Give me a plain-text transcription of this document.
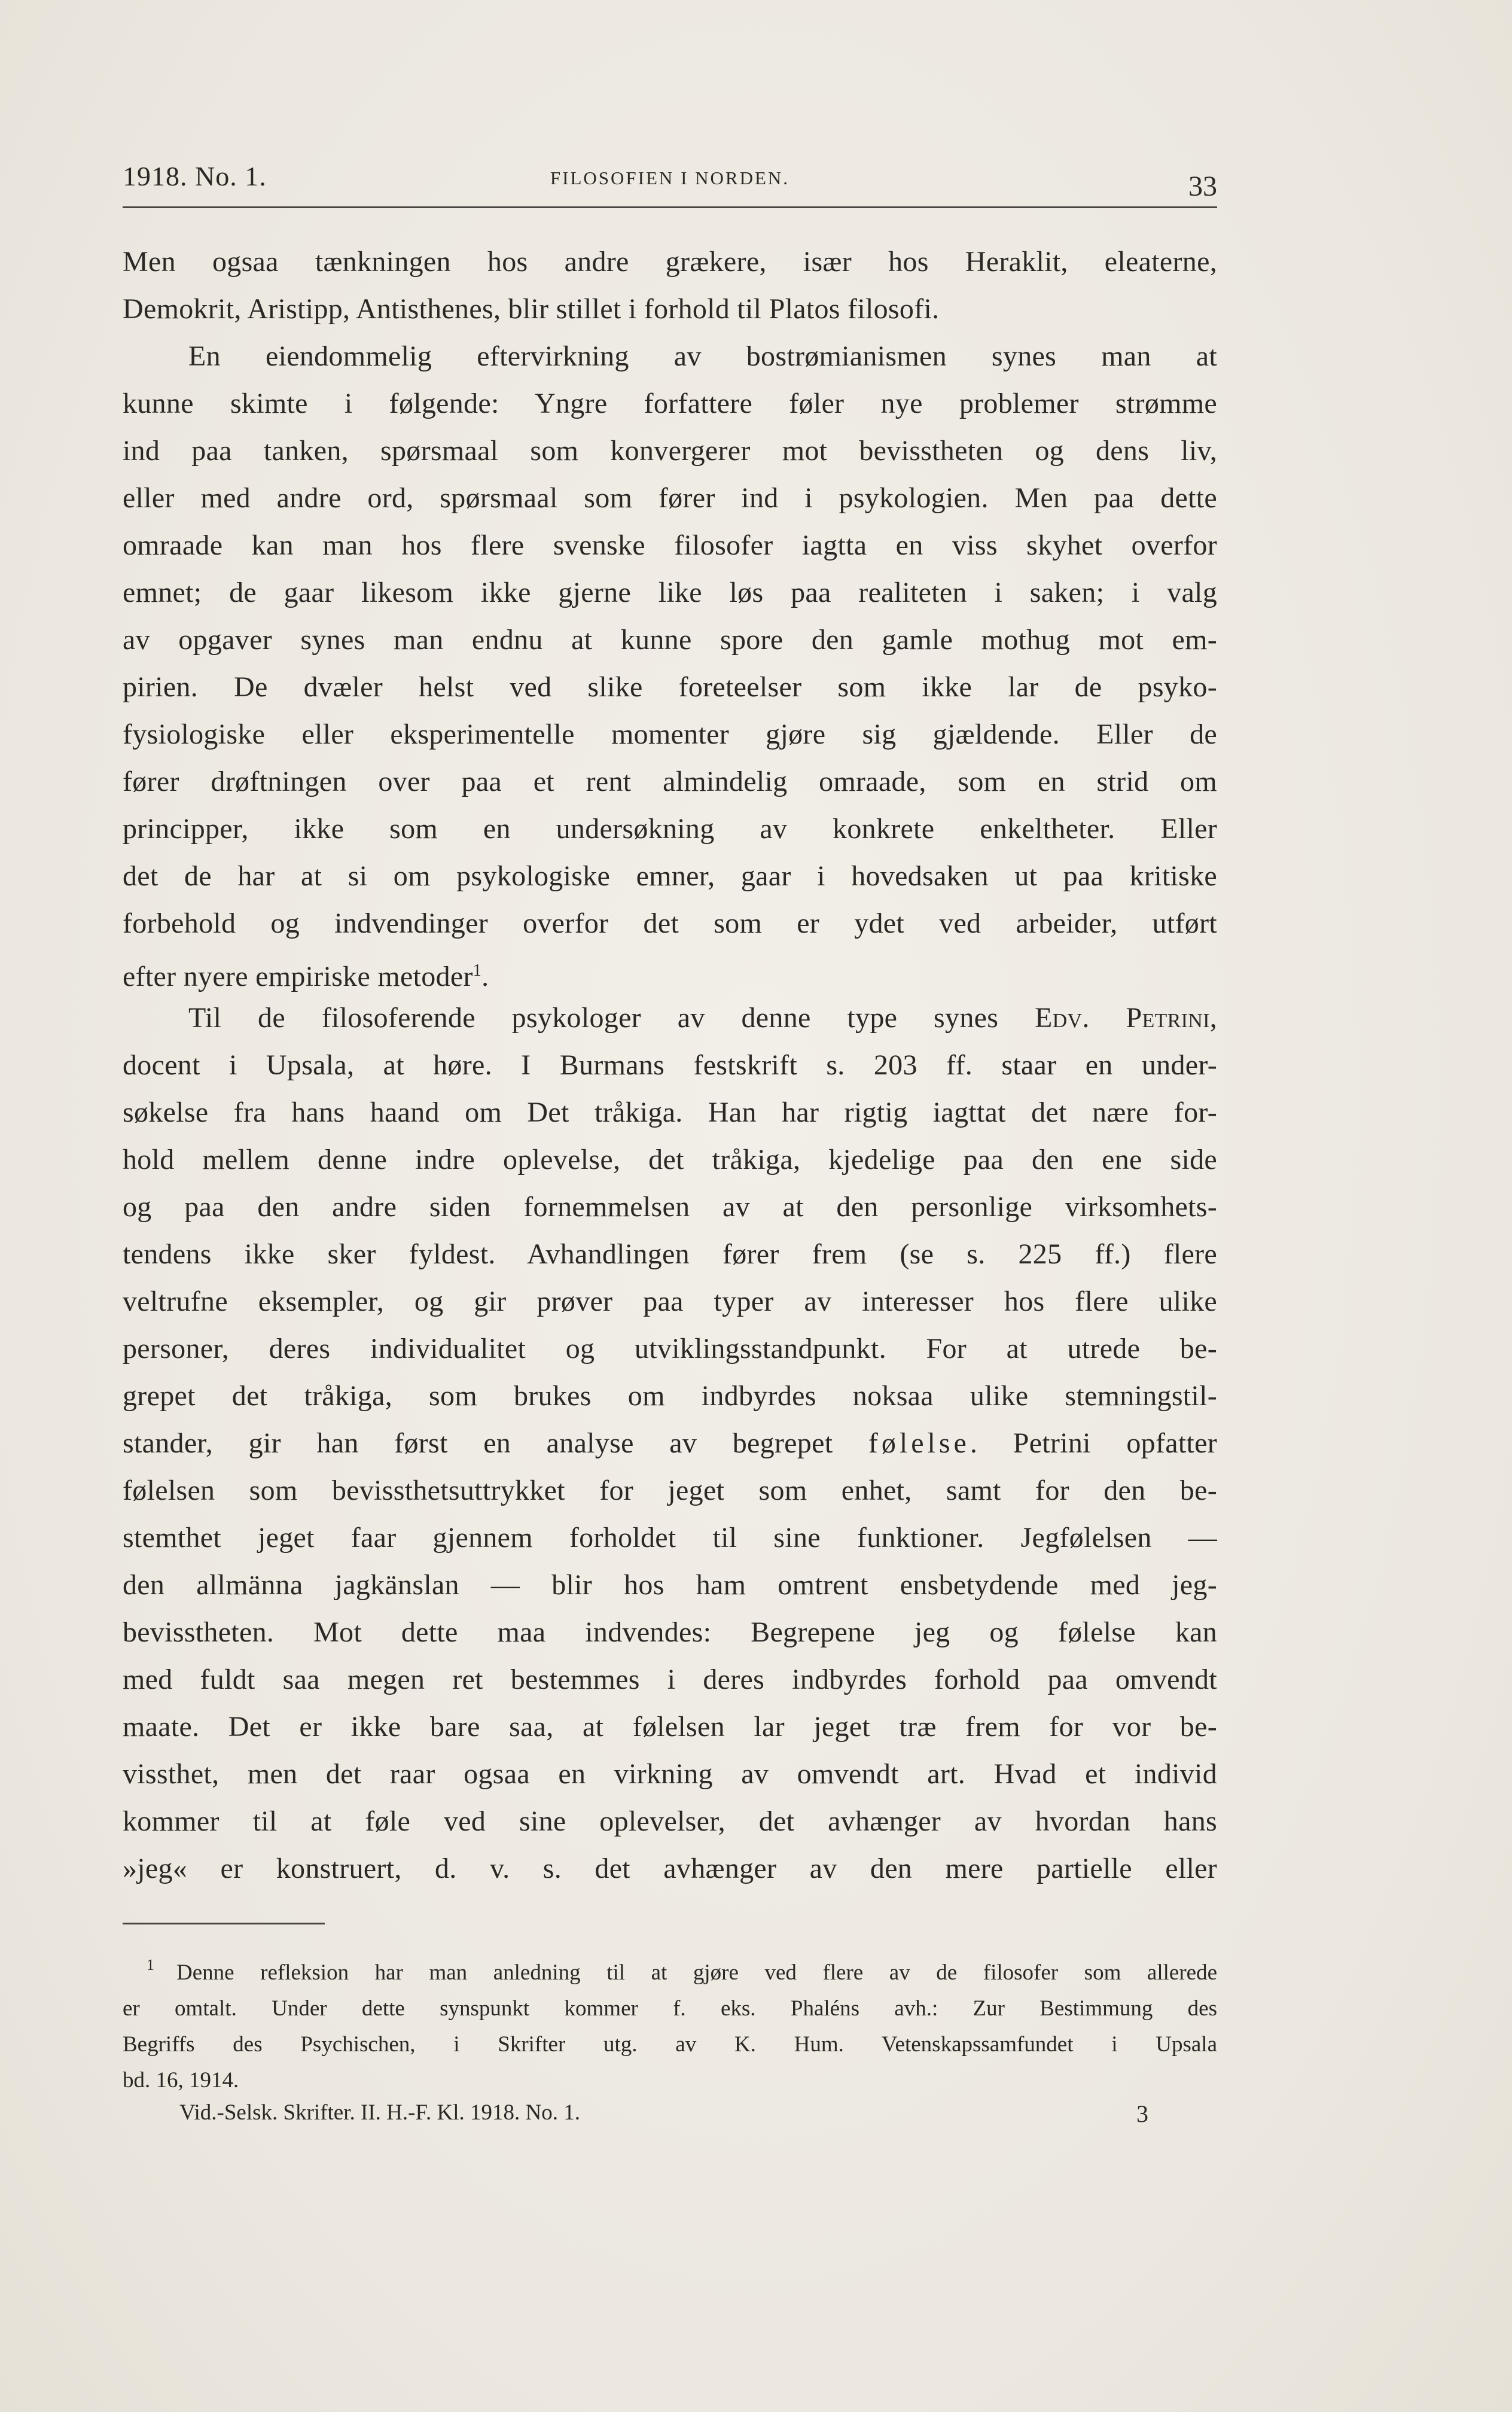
1918. No. 1.	FILOSOFIEN I NORDEN.	33
Men ogsaa tænkningen hos andre grækere, især hos Heraklit, eleaterne,
Demokrit, Aristipp, Antisthenes, blir stillet i forhold til Platos filosofi.
En eiendommelig eftervirkning av bostrømianismen synes man at
kunne skimte i følgende: Yngre forfattere føler nye problemer strømme
ind paa tanken, spørsmaal som konvergerer mot bevisstheten og dens liv,
eller med andre ord, spørsmaal som fører ind i psykologien. Men paa dette
omraade kan man hos flere svenske filosofer iagtta en viss skyhet overfor
emnet; de gaar likesom ikke gjerne like løs paa realiteten i saken; i valg
av opgaver synes man endnu at kunne spore den gamle mothug mot em-
pirien. De dvæler helst ved slike foreteelser som ikke lar de psyko-
fysiologiske eller eksperimentelle momenter gjøre sig gjældende. Eller de
fører drøftningen over paa et rent almindelig omraade, som en strid om
principper, ikke som en undersøkning av konkrete enkeltheter. Eller
det de har at si om psykologiske emner, gaar i hovedsaken ut paa kritiske
forbehold og indvendinger overfor det som er ydet ved arbeider, utført
efter nyere empiriske metoder$^1$.
Til de filosoferende psykologer av denne type synes Edv. Petrini,
docent i Upsala, at høre. I Burmans festskrift s. 203 ff. staar en under-
søkelse fra hans haand om Det tråkiga. Han har rigtig iagttat det nære for-
hold mellem denne indre oplevelse, det tråkiga, kjedelige paa den ene side
og paa den andre siden fornemmelsen av at den personlige virksomhets-
tendens ikke sker fyldest. Avhandlingen fører frem (se s. 225 ff.) flere
veltrufne eksempler, og gir prøver paa typer av interesser hos flere ulike
personer, deres individualitet og utviklingsstandpunkt. For at utrede be-
grepet det tråkiga, som brukes om indbyrdes noksaa ulike stemningstil-
stander, gir han først en analyse av begrepet følelse. Petrini opfatter
følelsen som bevissthetsuttrykket for jeget som enhet, samt for den be-
stemthet jeget faar gjennem forholdet til sine funktioner. Jegfølelsen —
den allmänna jagkänslan — blir hos ham omtrent ensbetydende med jeg-
bevisstheten. Mot dette maa indvendes: Begrepene jeg og følelse kan
med fuldt saa megen ret bestemmes i deres indbyrdes forhold paa omvendt
maate. Det er ikke bare saa, at følelsen lar jeget træ frem for vor be-
vissthet, men det raar ogsaa en virkning av omvendt art. Hvad et individ
kommer til at føle ved sine oplevelser, det avhænger av hvordan hans
»jeg« er konstruert, d. v. s. det avhænger av den mere partielle eller
1	Denne refleksion har man anledning til at gjøre ved flere av de filosofer som allerede
er omtalt. Under dette synspunkt kommer f. eks. Phaléns avh.: Zur Bestimmung des
Begriffs des Psychischen, i Skrifter utg. av K. Hum. Vetenskapssamfundet i Upsala
bd. 16, 1914.
Vid.-Selsk. Skrifter. II. H.-F. Kl. 1918. No. 1.	3
